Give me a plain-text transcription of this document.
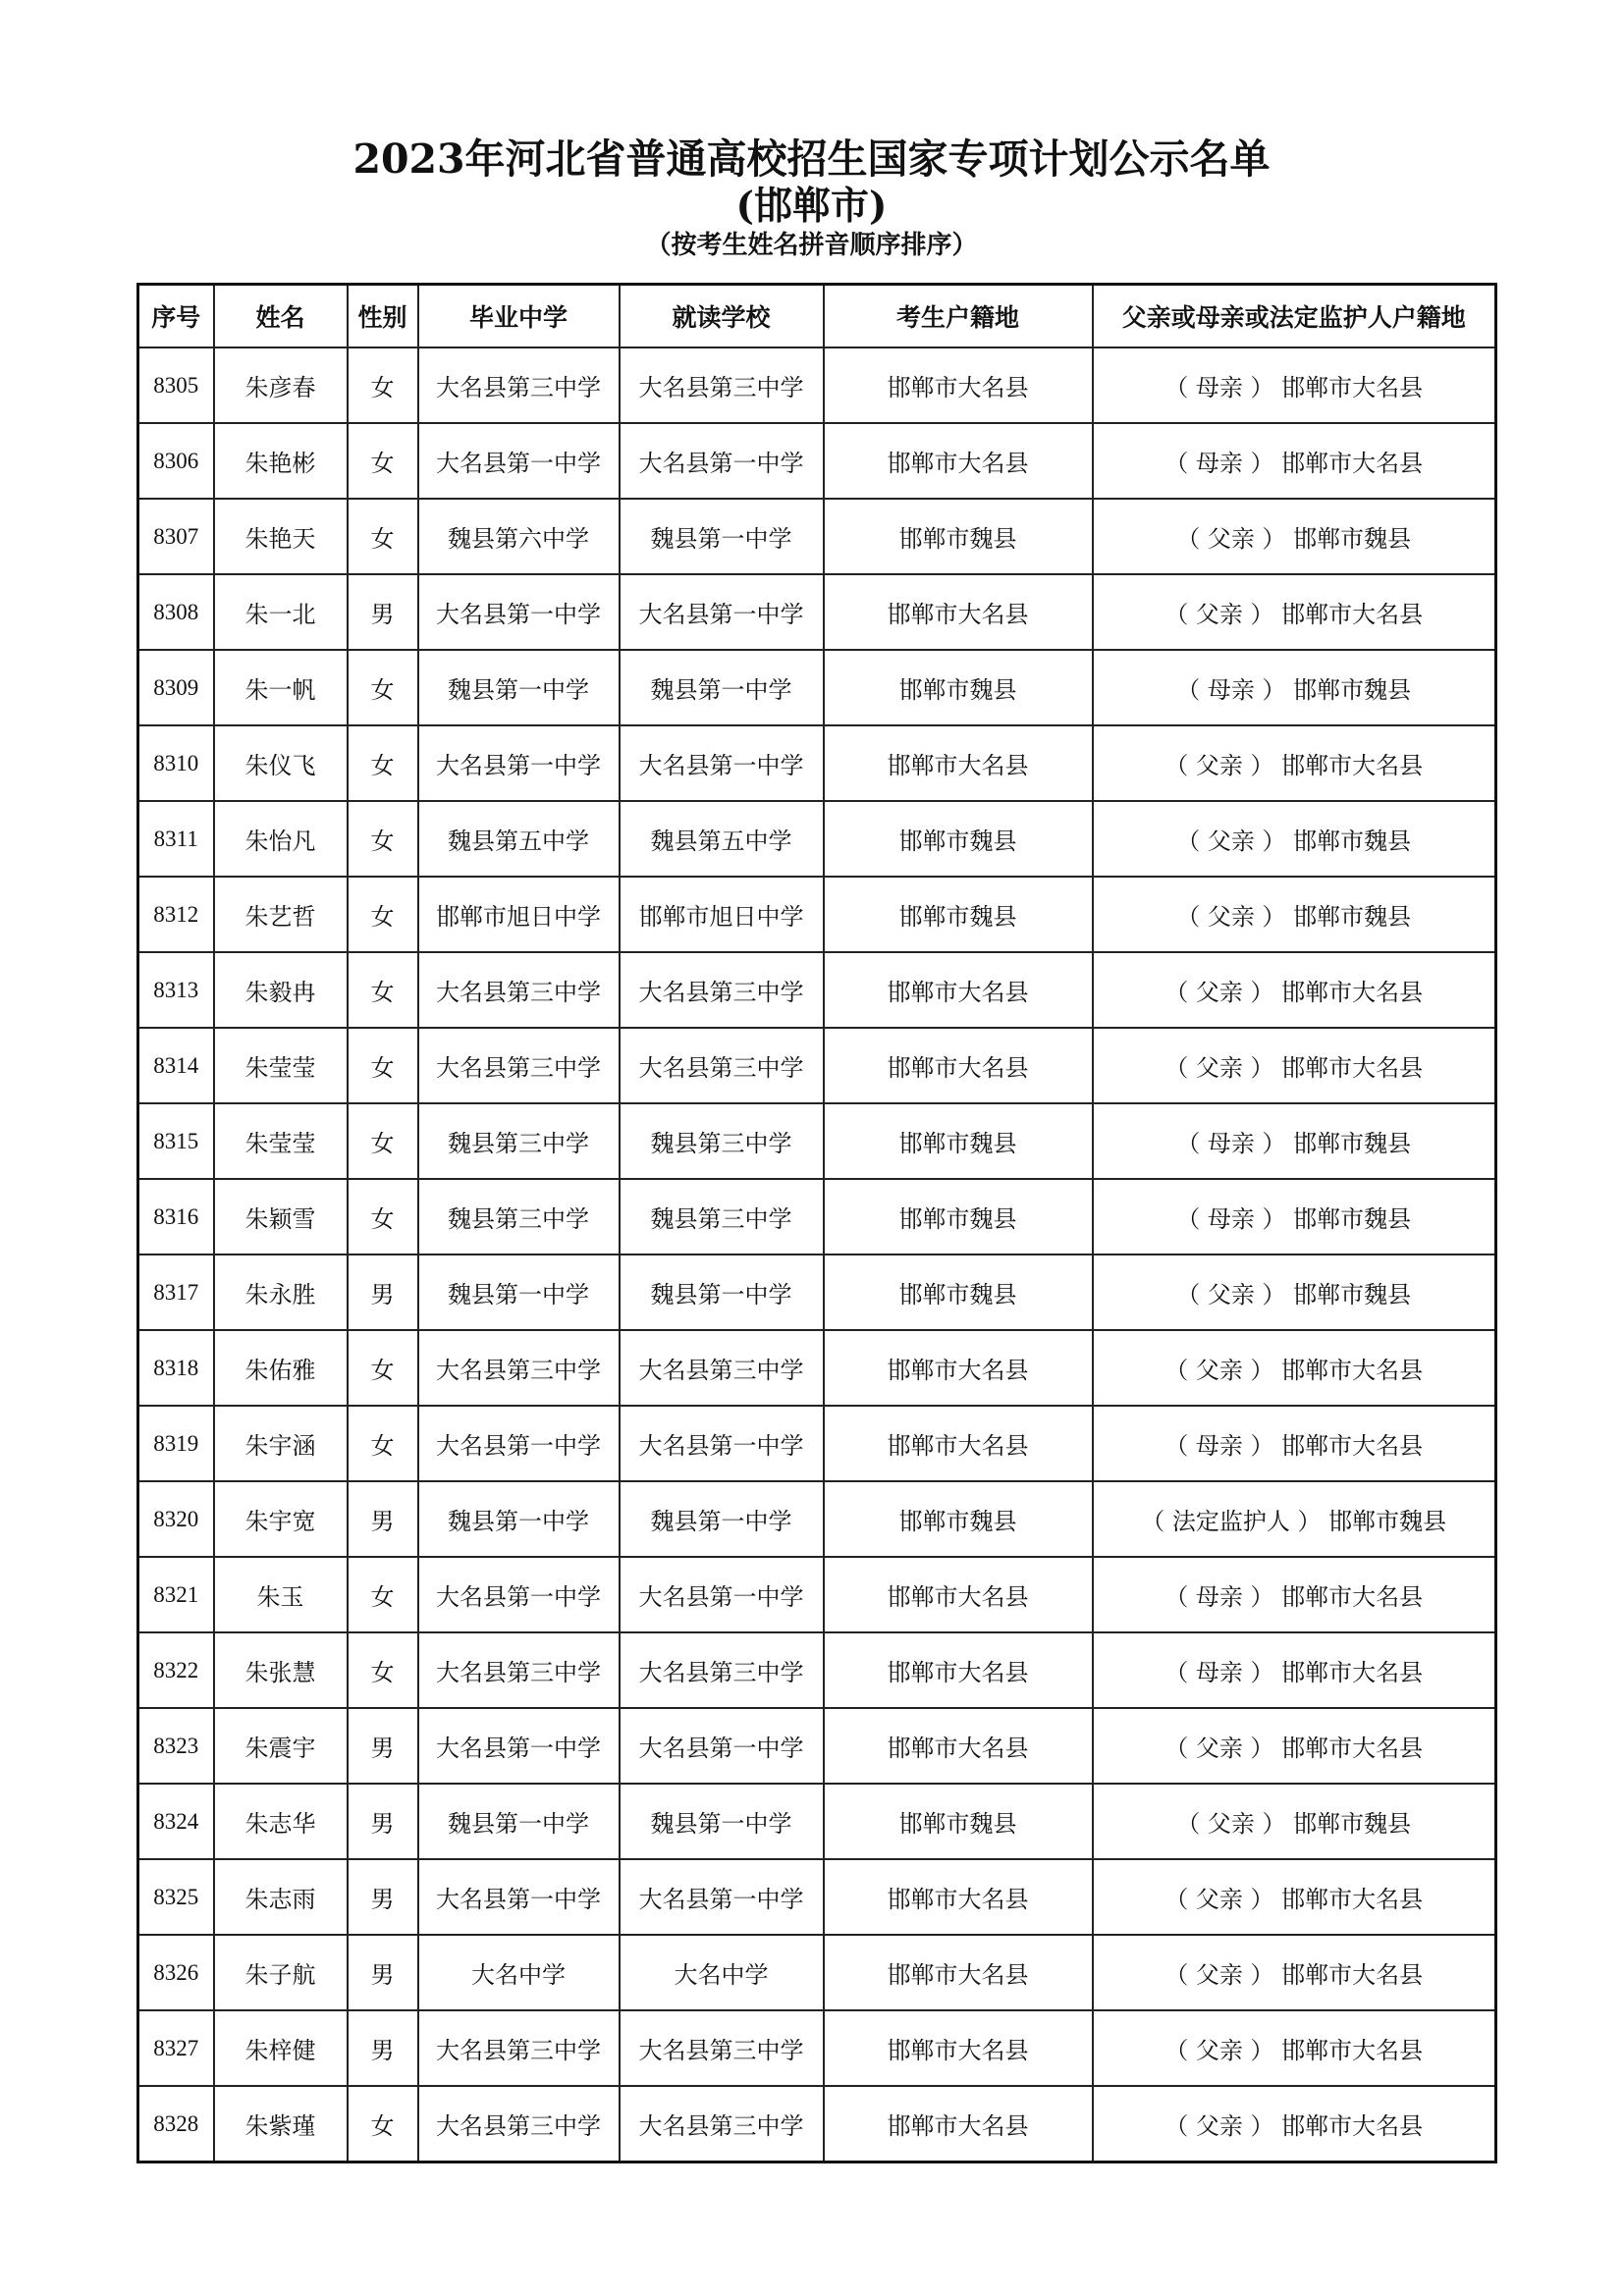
2023年河北省普通高校招生国家专项计划公示名单
(邯郸市)
（按考生姓名拼音顺序排序）
序号	姓名	性别	毕业中学	就读学校	考生户籍地	父亲或母亲或法定监护人户籍地
8305	朱彦春	女	大名县第三中学	大名县第三中学	邯郸市大名县	（ 母亲 ） 邯郸市大名县
8306	朱艳彬	女	大名县第一中学	大名县第一中学	邯郸市大名县	（ 母亲 ） 邯郸市大名县
8307	朱艳天	女	魏县第六中学	魏县第一中学	邯郸市魏县	（ 父亲 ） 邯郸市魏县
8308	朱一北	男	大名县第一中学	大名县第一中学	邯郸市大名县	（ 父亲 ） 邯郸市大名县
8309	朱一帆	女	魏县第一中学	魏县第一中学	邯郸市魏县	（ 母亲 ） 邯郸市魏县
8310	朱仪飞	女	大名县第一中学	大名县第一中学	邯郸市大名县	（ 父亲 ） 邯郸市大名县
8311	朱怡凡	女	魏县第五中学	魏县第五中学	邯郸市魏县	（ 父亲 ） 邯郸市魏县
8312	朱艺哲	女	邯郸市旭日中学	邯郸市旭日中学	邯郸市魏县	（ 父亲 ） 邯郸市魏县
8313	朱毅冉	女	大名县第三中学	大名县第三中学	邯郸市大名县	（ 父亲 ） 邯郸市大名县
8314	朱莹莹	女	大名县第三中学	大名县第三中学	邯郸市大名县	（ 父亲 ） 邯郸市大名县
8315	朱莹莹	女	魏县第三中学	魏县第三中学	邯郸市魏县	（ 母亲 ） 邯郸市魏县
8316	朱颖雪	女	魏县第三中学	魏县第三中学	邯郸市魏县	（ 母亲 ） 邯郸市魏县
8317	朱永胜	男	魏县第一中学	魏县第一中学	邯郸市魏县	（ 父亲 ） 邯郸市魏县
8318	朱佑雅	女	大名县第三中学	大名县第三中学	邯郸市大名县	（ 父亲 ） 邯郸市大名县
8319	朱宇涵	女	大名县第一中学	大名县第一中学	邯郸市大名县	（ 母亲 ） 邯郸市大名县
8320	朱宇宽	男	魏县第一中学	魏县第一中学	邯郸市魏县	（ 法定监护人 ） 邯郸市魏县
8321	朱玉	女	大名县第一中学	大名县第一中学	邯郸市大名县	（ 母亲 ） 邯郸市大名县
8322	朱张慧	女	大名县第三中学	大名县第三中学	邯郸市大名县	（ 母亲 ） 邯郸市大名县
8323	朱震宇	男	大名县第一中学	大名县第一中学	邯郸市大名县	（ 父亲 ） 邯郸市大名县
8324	朱志华	男	魏县第一中学	魏县第一中学	邯郸市魏县	（ 父亲 ） 邯郸市魏县
8325	朱志雨	男	大名县第一中学	大名县第一中学	邯郸市大名县	（ 父亲 ） 邯郸市大名县
8326	朱子航	男	大名中学	大名中学	邯郸市大名县	（ 父亲 ） 邯郸市大名县
8327	朱梓健	男	大名县第三中学	大名县第三中学	邯郸市大名县	（ 父亲 ） 邯郸市大名县
8328	朱紫瑾	女	大名县第三中学	大名县第三中学	邯郸市大名县	（ 父亲 ） 邯郸市大名县
